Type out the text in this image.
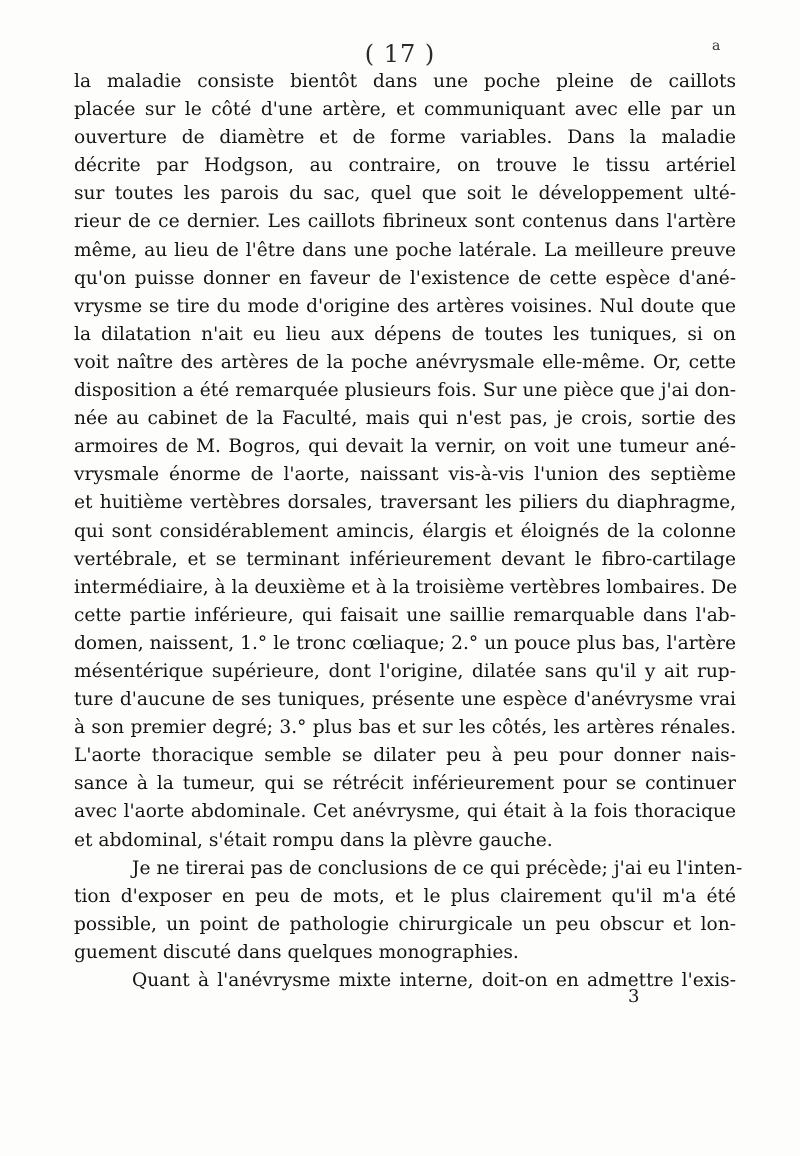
( 17 )	a
la maladie consiste bientôt dans une poche pleine de caillots
placée sur le côté d'une artère, et communiquant avec elle par un
ouverture de diamètre et de forme variables. Dans la maladie
décrite par Hodgson, au contraire, on trouve le tissu artériel
sur toutes les parois du sac, quel que soit le développement ulté-
rieur de ce dernier. Les caillots fibrineux sont contenus dans l'artère
même, au lieu de l'être dans une poche latérale. La meilleure preuve
qu'on puisse donner en faveur de l'existence de cette espèce d'ané-
vrysme se tire du mode d'origine des artères voisines. Nul doute que
la dilatation n'ait eu lieu aux dépens de toutes les tuniques, si on
voit naître des artères de la poche anévrysmale elle-même. Or, cette
disposition a été remarquée plusieurs fois. Sur une pièce que j'ai don-
née au cabinet de la Faculté, mais qui n'est pas, je crois, sortie des
armoires de M. Bogros, qui devait la vernir, on voit une tumeur ané-
vrysmale énorme de l'aorte, naissant vis-à-vis l'union des septième
et huitième vertèbres dorsales, traversant les piliers du diaphragme,
qui sont considérablement amincis, élargis et éloignés de la colonne
vertébrale, et se terminant inférieurement devant le fibro-cartilage
intermédiaire, à la deuxième et à la troisième vertèbres lombaires. De
cette partie inférieure, qui faisait une saillie remarquable dans l'ab-
domen, naissent, 1.° le tronc cœliaque; 2.° un pouce plus bas, l'artère
mésentérique supérieure, dont l'origine, dilatée sans qu'il y ait rup-
ture d'aucune de ses tuniques, présente une espèce d'anévrysme vrai
à son premier degré; 3.° plus bas et sur les côtés, les artères rénales.
L'aorte thoracique semble se dilater peu à peu pour donner nais-
sance à la tumeur, qui se rétrécit inférieurement pour se continuer
avec l'aorte abdominale. Cet anévrysme, qui était à la fois thoracique
et abdominal, s'était rompu dans la plèvre gauche.
Je ne tirerai pas de conclusions de ce qui précède; j'ai eu l'inten-
tion d'exposer en peu de mots, et le plus clairement qu'il m'a été
possible, un point de pathologie chirurgicale un peu obscur et lon-
guement discuté dans quelques monographies.
Quant à l'anévrysme mixte interne, doit-on en admettre l'exis-
3
